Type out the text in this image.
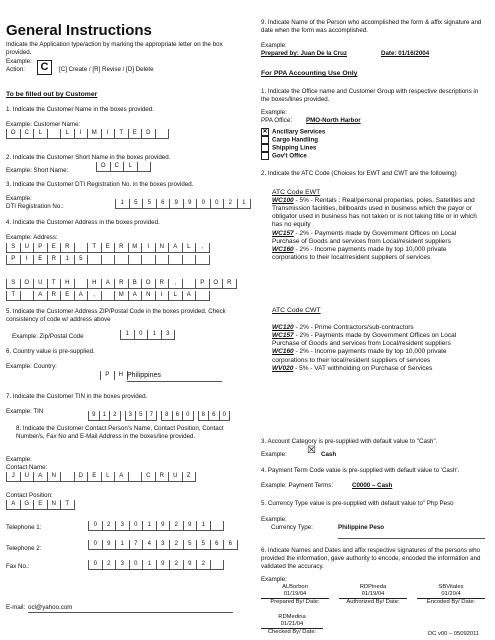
General Instructions
Indicate the Application type/action by marking the appropriate letter on the box provided.
Example:
Action:	C	[C] Create / [R] Revise / [D] Delete
To be filled out by Customer
1. Indicate the Customer Name in the boxes provided.
Example: Customer Name:
O	C	L	L	I	M	I	T	E	D
2. Indicate the Customer Short Name in the boxes provided.
Example: Short Name:
O	C	L
3. Indicate the Customer DTI Registration No. in the boxes provided.
Example:
DTI Registration No.:	1	5	5	6	9	9	0	0	2	1
4. Indicate the Customer Address in the boxes provided.
Example: Address:
S	U	P	E	R	T	E	R	M	I	N	A	L	,
P	I	E	R	1	5
S	O	U	T	H	H	A	R	B	O	R	,	P	O	R
T	A	R	E	A	,	M	A	N	I	L	A
5. Indicate the Customer Address ZIP/Postal Code in the boxes provided. Check consistency of code w/ address above
Example: Zip/Postal Code	1	0	1	3
6. Country value is pre-supplied.
Example: Country:
P	H Philippines
7. Indicate the Customer TIN in the boxes provided.
Example: TIN	9	1	2	3	5	7	8	6	0	8	6	0
8. Indicate the Customer Contact Person's Name, Contact Position, Contact Number/s, Fax No and E-Mail Address in the boxes/line provided.
Example:
Contact Name:
J	U	A	N	D	E	L	A	C	R	U	Z
Contact Position:
A	G	E	N	T
Telephone 1:	0	2	3	0	1	9	2	9	1
Telephone 2:
0	9	1	7	4	3	2	5	5	6	6
Fax No.:	0	2	3	0	1	9	2	9	2
E-mail: ocl@yahoo.com
9. Indicate Name of the Person who accomplished the form & affix signature and date when the form was accomplished.
Example:
Prepared by: Juan De la Cruz	Date: 01/16/2004
For PPA Accounting Use Only
1. Indicate the Office name and Customer Group with respective descriptions in the boxes/lines provided.
Example:
PPA Office: PMO-North Harbor
✕ Ancillary Services
Cargo Handling
Shipping Lines
Gov't Office
2. Indicate the ATC Code (Choices for EWT and CWT are the following)
ATC Code EWT
WC100 - 5% - Rentals : Real/personal properties, poles, Satellites and Transmission facilities, billboards used in business which the payor or obligator used in business has not taken or is not taking title or in which has no equity
WC157 - 2% - Payments made by Government Offices on Local Purchase of Goods and services from Local/resident suppliers
WC160 - 2% - Income payments made by top 10,000 private corporations to their local/resident suppliers of services
ATC Code CWT
WC120 - 2% - Prime Contractors/sub-contractors
WC157 - 2% - Payments made by Government Offices on Local Purchase of Goods and services from Local/resident suppliers
WC160 - 2% - Income payments made by top 10,000 private corporations to their local/resident suppliers of services
WV020 - 5% - VAT withholding on Purchase of Services
3. Account Category is pre-supplied with default value to "Cash".
Example: ☒ Cash
4. Payment Term Code value is pre-supplied with default value to 'Cash'.
Example: Payment Terms:	C0000 – Cash
5. Currency Type value is pre-supplied with default value to" Php Peso
Example:
Currency Type:	Philippine Peso
6. Indicate Names and Dates and affix respective signatures of the persons who provided the information, gave authority to encode, encoded the information and validated the accuracy.
Example:
ALBorbon
01/19/04
Prepared By/ Date:
RDPineda
01/19/04
Authorized By/ Date:
SBVitales
01/20/4
Encoded By/ Date:
RDMedina
01/21/04
Checked By/ Date:	DC v00 – 05092011
